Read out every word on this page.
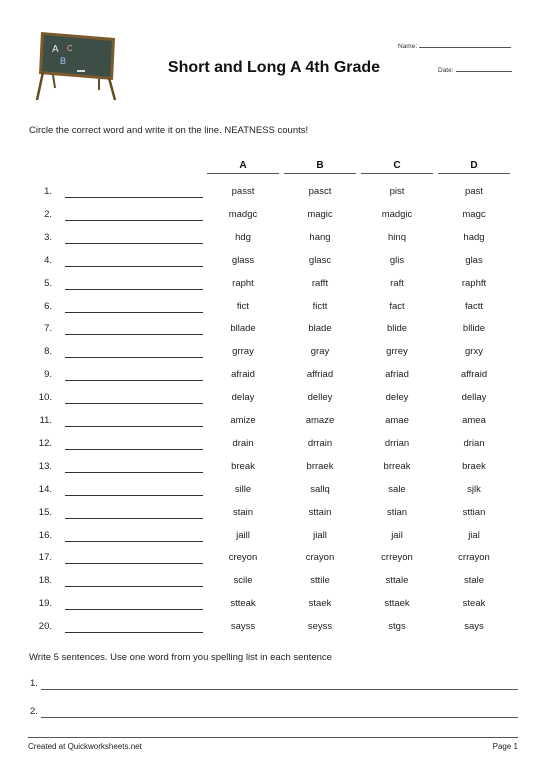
A
B
C	Name:
Date:
Short and Long A 4th Grade
Circle the correct word and write it on the line. NEATNESS counts!
A	B	C	D
1.	passt	pasct	pist	past
2.	madgc	magic	madgic	magc
3.	hdg	hang	hinq	hadg
4.	glass	glasc	glis	glas
5.	rapht	rafft	raft	raphft
6.	fict	fictt	fact	factt
7.	bllade	blade	blide	bllide
8.	grray	gray	grrey	grxy
9.	afraid	affriad	afriad	affraid
10.	delay	delley	deley	dellay
11.	amize	amaze	amae	amea
12.	drain	drrain	drrian	drian
13.	break	brraek	brreak	braek
14.	sille	sallq	sale	sjlk
15.	stain	sttain	stian	sttian
16.	jaill	jiall	jail	jial
17.	creyon	crayon	crreyon	crrayon
18.	scile	sttile	sttale	stale
19.	stteak	staek	sttaek	steak
20.	sayss	seyss	stgs	says
Write 5 sentences. Use one word from you spelling list in each sentence
1.
2.
Created at Quickworksheets.net	Page 1
